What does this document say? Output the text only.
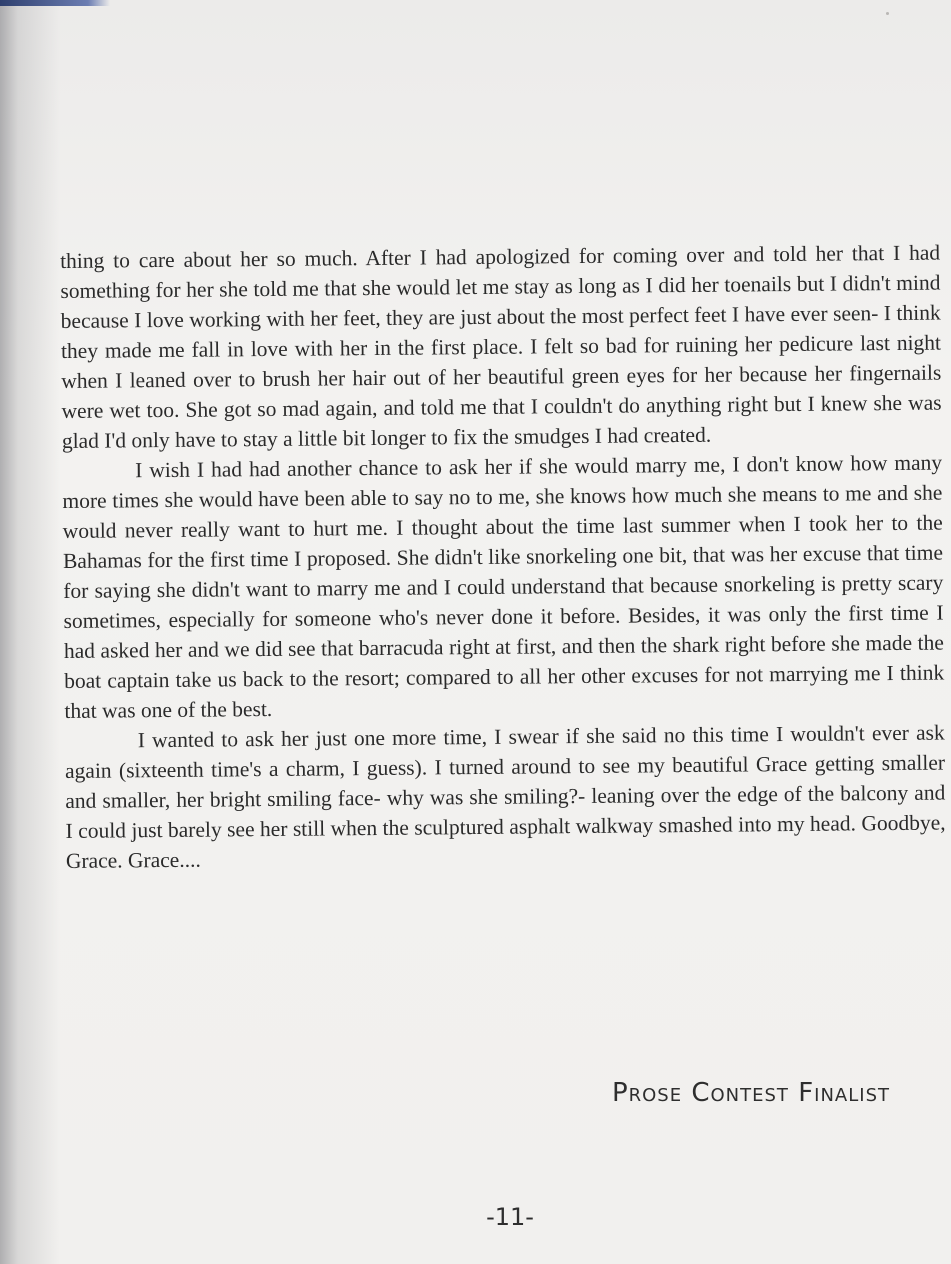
thing to care about her so much. After I had apologized for coming over and told her that I had something for her she told me that she would let me stay as long as I did her toenails but I didn't mind because I love working with her feet, they are just about the most perfect feet I have ever seen- I think they made me fall in love with her in the first place. I felt so bad for ruining her pedicure last night when I leaned over to brush her hair out of her beautiful green eyes for her because her fingernails were wet too. She got so mad again, and told me that I couldn't do anything right but I knew she was glad I'd only have to stay a little bit longer to fix the smudges I had created.

I wish I had had another chance to ask her if she would marry me, I don't know how many more times she would have been able to say no to me, she knows how much she means to me and she would never really want to hurt me. I thought about the time last summer when I took her to the Bahamas for the first time I proposed. She didn't like snorkeling one bit, that was her excuse that time for saying she didn't want to marry me and I could understand that because snorkeling is pretty scary sometimes, especially for someone who's never done it before. Besides, it was only the first time I had asked her and we did see that barracuda right at first, and then the shark right before she made the boat captain take us back to the resort; compared to all her other excuses for not marrying me I think that was one of the best.

I wanted to ask her just one more time, I swear if she said no this time I wouldn't ever ask again (sixteenth time's a charm, I guess). I turned around to see my beautiful Grace getting smaller and smaller, her bright smiling face- why was she smiling?- leaning over the edge of the balcony and I could just barely see her still when the sculptured asphalt walkway smashed into my head. Goodbye, Grace. Grace....

Prose Contest Finalist
-11-
